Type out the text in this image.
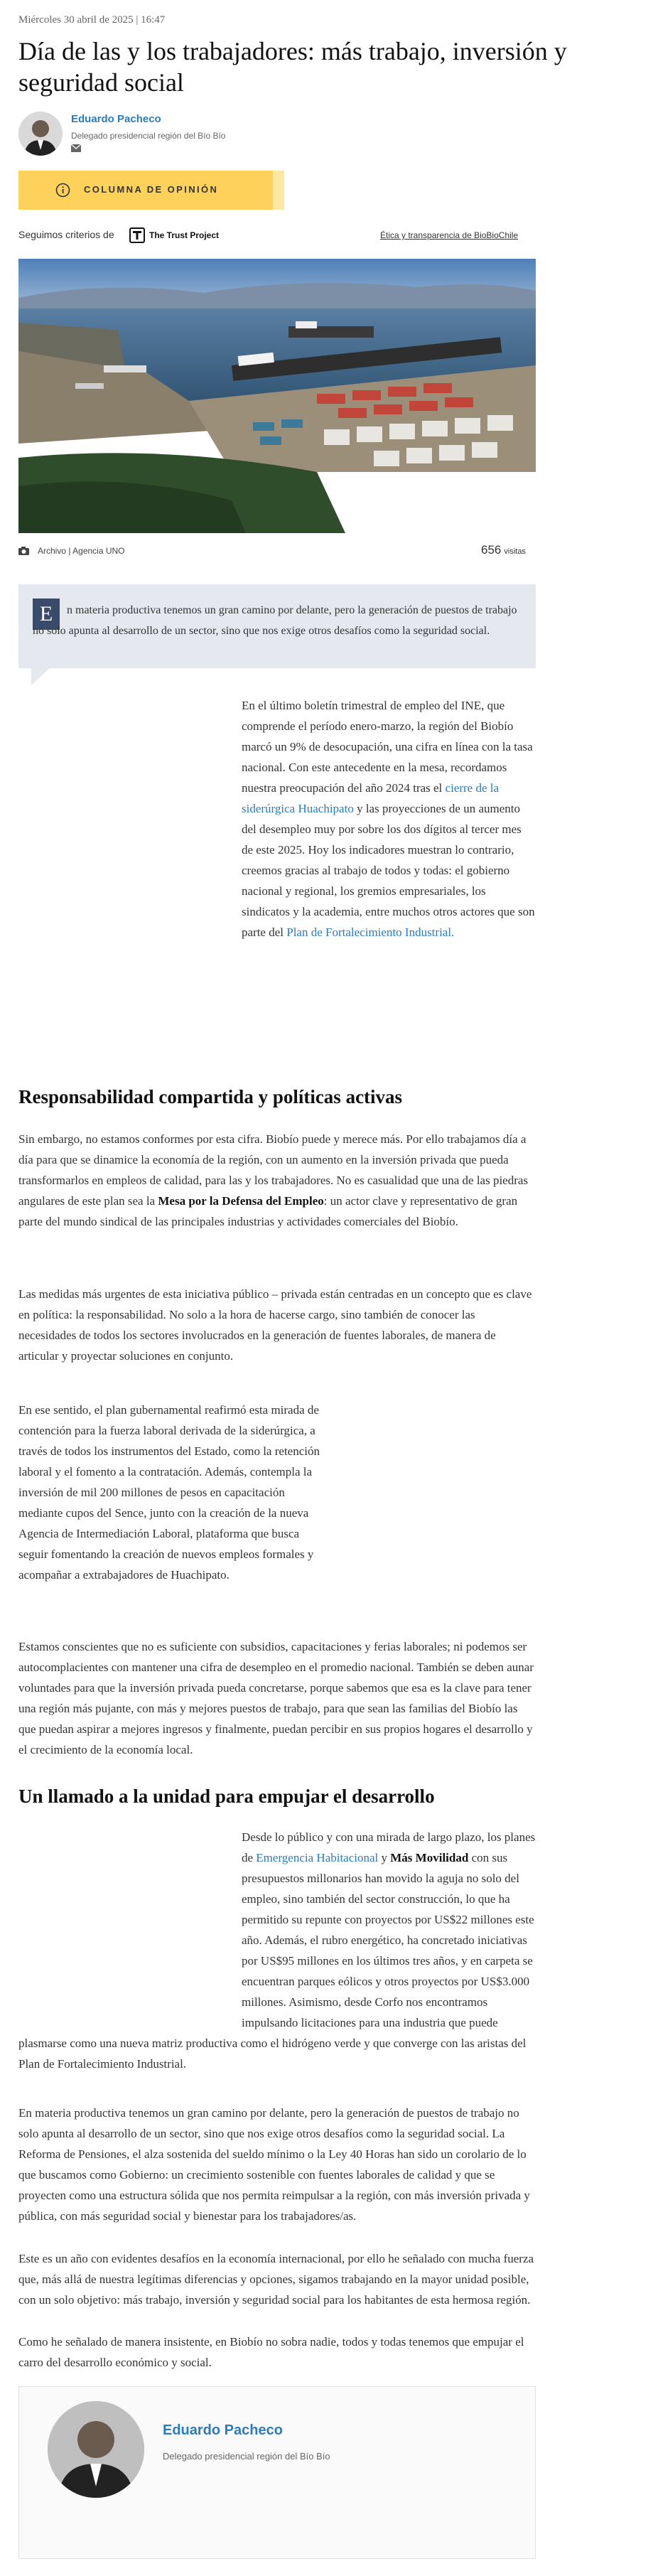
Miércoles 30 abril de 2025 | 16:47
Día de las y los trabajadores: más trabajo, inversión y seguridad social
Eduardo Pacheco
Delegado presidencial región del Bío Bío
COLUMNA DE OPINIÓN
Seguimos criterios de	The Trust Project	Ética y transparencia de BioBioChile
Archivo | Agencia UNO	656 visitas
E	n materia productiva tenemos un gran camino por delante, pero la generación de puestos de trabajo no solo apunta al desarrollo de un sector, sino que nos exige otros desafíos como la seguridad social.

En el último boletín trimestral de empleo del INE, que comprende el período enero-marzo, la región del Biobío marcó un 9% de desocupación, una cifra en línea con la tasa nacional. Con este antecedente en la mesa, recordamos nuestra preocupación del año 2024 tras el cierre de la siderúrgica Huachipato y las proyecciones de un aumento del desempleo muy por sobre los dos dígitos al tercer mes de este 2025. Hoy los indicadores muestran lo contrario, creemos gracias al trabajo de todos y todas: el gobierno nacional y regional, los gremios empresariales, los sindicatos y la academia, entre muchos otros actores que son parte del Plan de Fortalecimiento Industrial.

Responsabilidad compartida y políticas activas

Sin embargo, no estamos conformes por esta cifra. Biobío puede y merece más. Por ello trabajamos día a día para que se dinamice la economía de la región, con un aumento en la inversión privada que pueda transformarlos en empleos de calidad, para las y los trabajadores. No es casualidad que una de las piedras angulares de este plan sea la Mesa por la Defensa del Empleo: un actor clave y representativo de gran parte del mundo sindical de las principales industrias y actividades comerciales del Biobío.

Las medidas más urgentes de esta iniciativa público – privada están centradas en un concepto que es clave en política: la responsabilidad. No solo a la hora de hacerse cargo, sino también de conocer las necesidades de todos los sectores involucrados en la generación de fuentes laborales, de manera de articular y proyectar soluciones en conjunto.

En ese sentido, el plan gubernamental reafirmó esta mirada de contención para la fuerza laboral derivada de la siderúrgica, a través de todos los instrumentos del Estado, como la retención laboral y el fomento a la contratación. Además, contempla la inversión de mil 200 millones de pesos en capacitación mediante cupos del Sence, junto con la creación de la nueva Agencia de Intermediación Laboral, plataforma que busca seguir fomentando la creación de nuevos empleos formales y acompañar a extrabajadores de Huachipato.

Estamos conscientes que no es suficiente con subsidios, capacitaciones y ferias laborales; ni podemos ser autocomplacientes con mantener una cifra de desempleo en el promedio nacional. También se deben aunar voluntades para que la inversión privada pueda concretarse, porque sabemos que esa es la clave para tener una región más pujante, con más y mejores puestos de trabajo, para que sean las familias del Biobío las que puedan aspirar a mejores ingresos y finalmente, puedan percibir en sus propios hogares el desarrollo y el crecimiento de la economía local.

Un llamado a la unidad para empujar el desarrollo

Desde lo público y con una mirada de largo plazo, los planes de Emergencia Habitacional y Más Movilidad con sus presupuestos millonarios han movido la aguja no solo del empleo, sino también del sector construcción, lo que ha permitido su repunte con proyectos por US$22 millones este año. Además, el rubro energético, ha concretado iniciativas por US$95 millones en los últimos tres años, y en carpeta se encuentran parques eólicos y otros proyectos por US$3.000 millones. Asimismo, desde Corfo nos encontramos impulsando licitaciones para una industria que puede plasmarse como una nueva matriz productiva como el hidrógeno verde y que converge con las aristas del Plan de Fortalecimiento Industrial.

En materia productiva tenemos un gran camino por delante, pero la generación de puestos de trabajo no solo apunta al desarrollo de un sector, sino que nos exige otros desafíos como la seguridad social. La Reforma de Pensiones, el alza sostenida del sueldo mínimo o la Ley 40 Horas han sido un corolario de lo que buscamos como Gobierno: un crecimiento sostenible con fuentes laborales de calidad y que se proyecten como una estructura sólida que nos permita reimpulsar a la región, con más inversión privada y pública, con más seguridad social y bienestar para los trabajadores/as.

Este es un año con evidentes desafíos en la economía internacional, por ello he señalado con mucha fuerza que, más allá de nuestra legítimas diferencias y opciones, sigamos trabajando en la mayor unidad posible, con un solo objetivo: más trabajo, inversión y seguridad social para los habitantes de esta hermosa región.

Como he señalado de manera insistente, en Biobío no sobra nadie, todos y todas tenemos que empujar el carro del desarrollo económico y social.

Eduardo Pacheco
Delegado presidencial región del Bío Bío
